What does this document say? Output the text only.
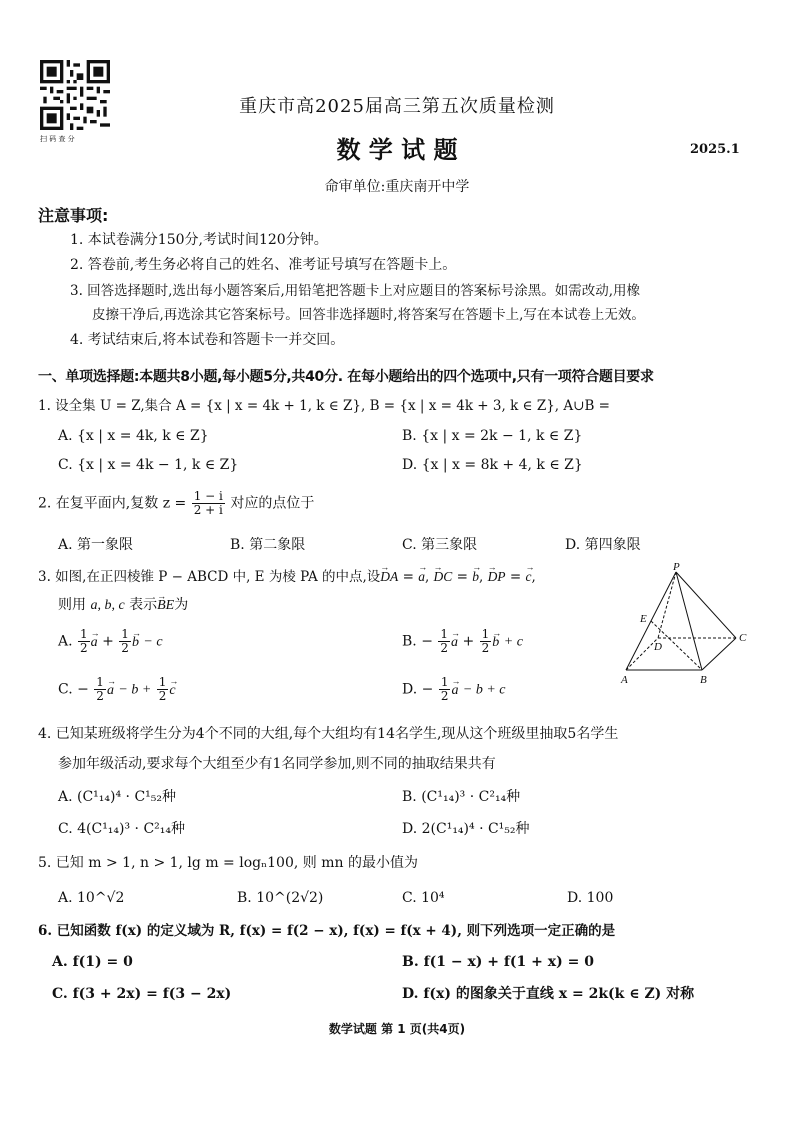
扫 码 查 分
重庆市高2025届高三第五次质量检测
数 学 试 题	2025.1
命审单位:重庆南开中学
注意事项:
1. 本试卷满分150分,考试时间120分钟。
2. 答卷前,考生务必将自己的姓名、准考证号填写在答题卡上。
3. 回答选择题时,选出每小题答案后,用铅笔把答题卡上对应题目的答案标号涂黑。如需改动,用橡
皮擦干净后,再选涂其它答案标号。回答非选择题时,将答案写在答题卡上,写在本试卷上无效。
4. 考试结束后,将本试卷和答题卡一并交回。
一、单项选择题:本题共8小题,每小题5分,共40分. 在每小题给出的四个选项中,只有一项符合题目要求
1. 设全集 U = Z,集合 A = {x | x = 4k + 1, k ∈ Z}, B = {x | x = 4k + 3, k ∈ Z}, A∪B =
A. {x | x = 4k, k ∈ Z}	B. {x | x = 2k − 1, k ∈ Z}
C. {x | x = 4k − 1, k ∈ Z}	D. {x | x = 8k + 4, k ∈ Z}
2. 在复平面内,复数 $z = \frac{1 - i}{2 + i}$ 对应的点位于
A. 第一象限	B. 第二象限	C. 第三象限	D. 第四象限
3. 如图,在正四棱锥 P − ABCD 中, E 为棱 PA 的中点,设→ DA = → a, → DC = → b, → DP = → c,
则用 a, b, c 表示→ BE为
A. $\frac{1}{2}$
→ $a + \frac{1}{2}$
→ b − c	B. − $\frac{1}{2}$
→ $a + \frac{1}{2}$
→ b + c
C. − $\frac{1}{2}$
→ $a - b + \frac{1}{2}$
→ c	D. − $\frac{1}{2}$
→ a − b + c
P
E
D
C
A	B
4. 已知某班级将学生分为4个不同的大组,每个大组均有14名学生,现从这个班级里抽取5名学生
参加年级活动,要求每个大组至少有1名同学参加,则不同的抽取结果共有
A. (C¹₁₄)⁴ · C¹₅₂种	B. (C¹₁₄)³ · C²₁₄种
C. 4(C¹₁₄)³ · C²₁₄种	D. 2(C¹₁₄)⁴ · C¹₅₂种
5. 已知 m > 1, n > 1, lg m = logₙ100, 则 mn 的最小值为
A. 10^√2	B. 10^(2√2)	C. 10⁴	D. 100
6. 已知函数 f(x) 的定义域为 R, f(x) = f(2 − x), f(x) = f(x + 4), 则下列选项一定正确的是
A. f(1) = 0	B. f(1 − x) + f(1 + x) = 0
C. f(3 + 2x) = f(3 − 2x)	D. f(x) 的图象关于直线 x = 2k(k ∈ Z) 对称
数学试题 第 1 页(共4页)
